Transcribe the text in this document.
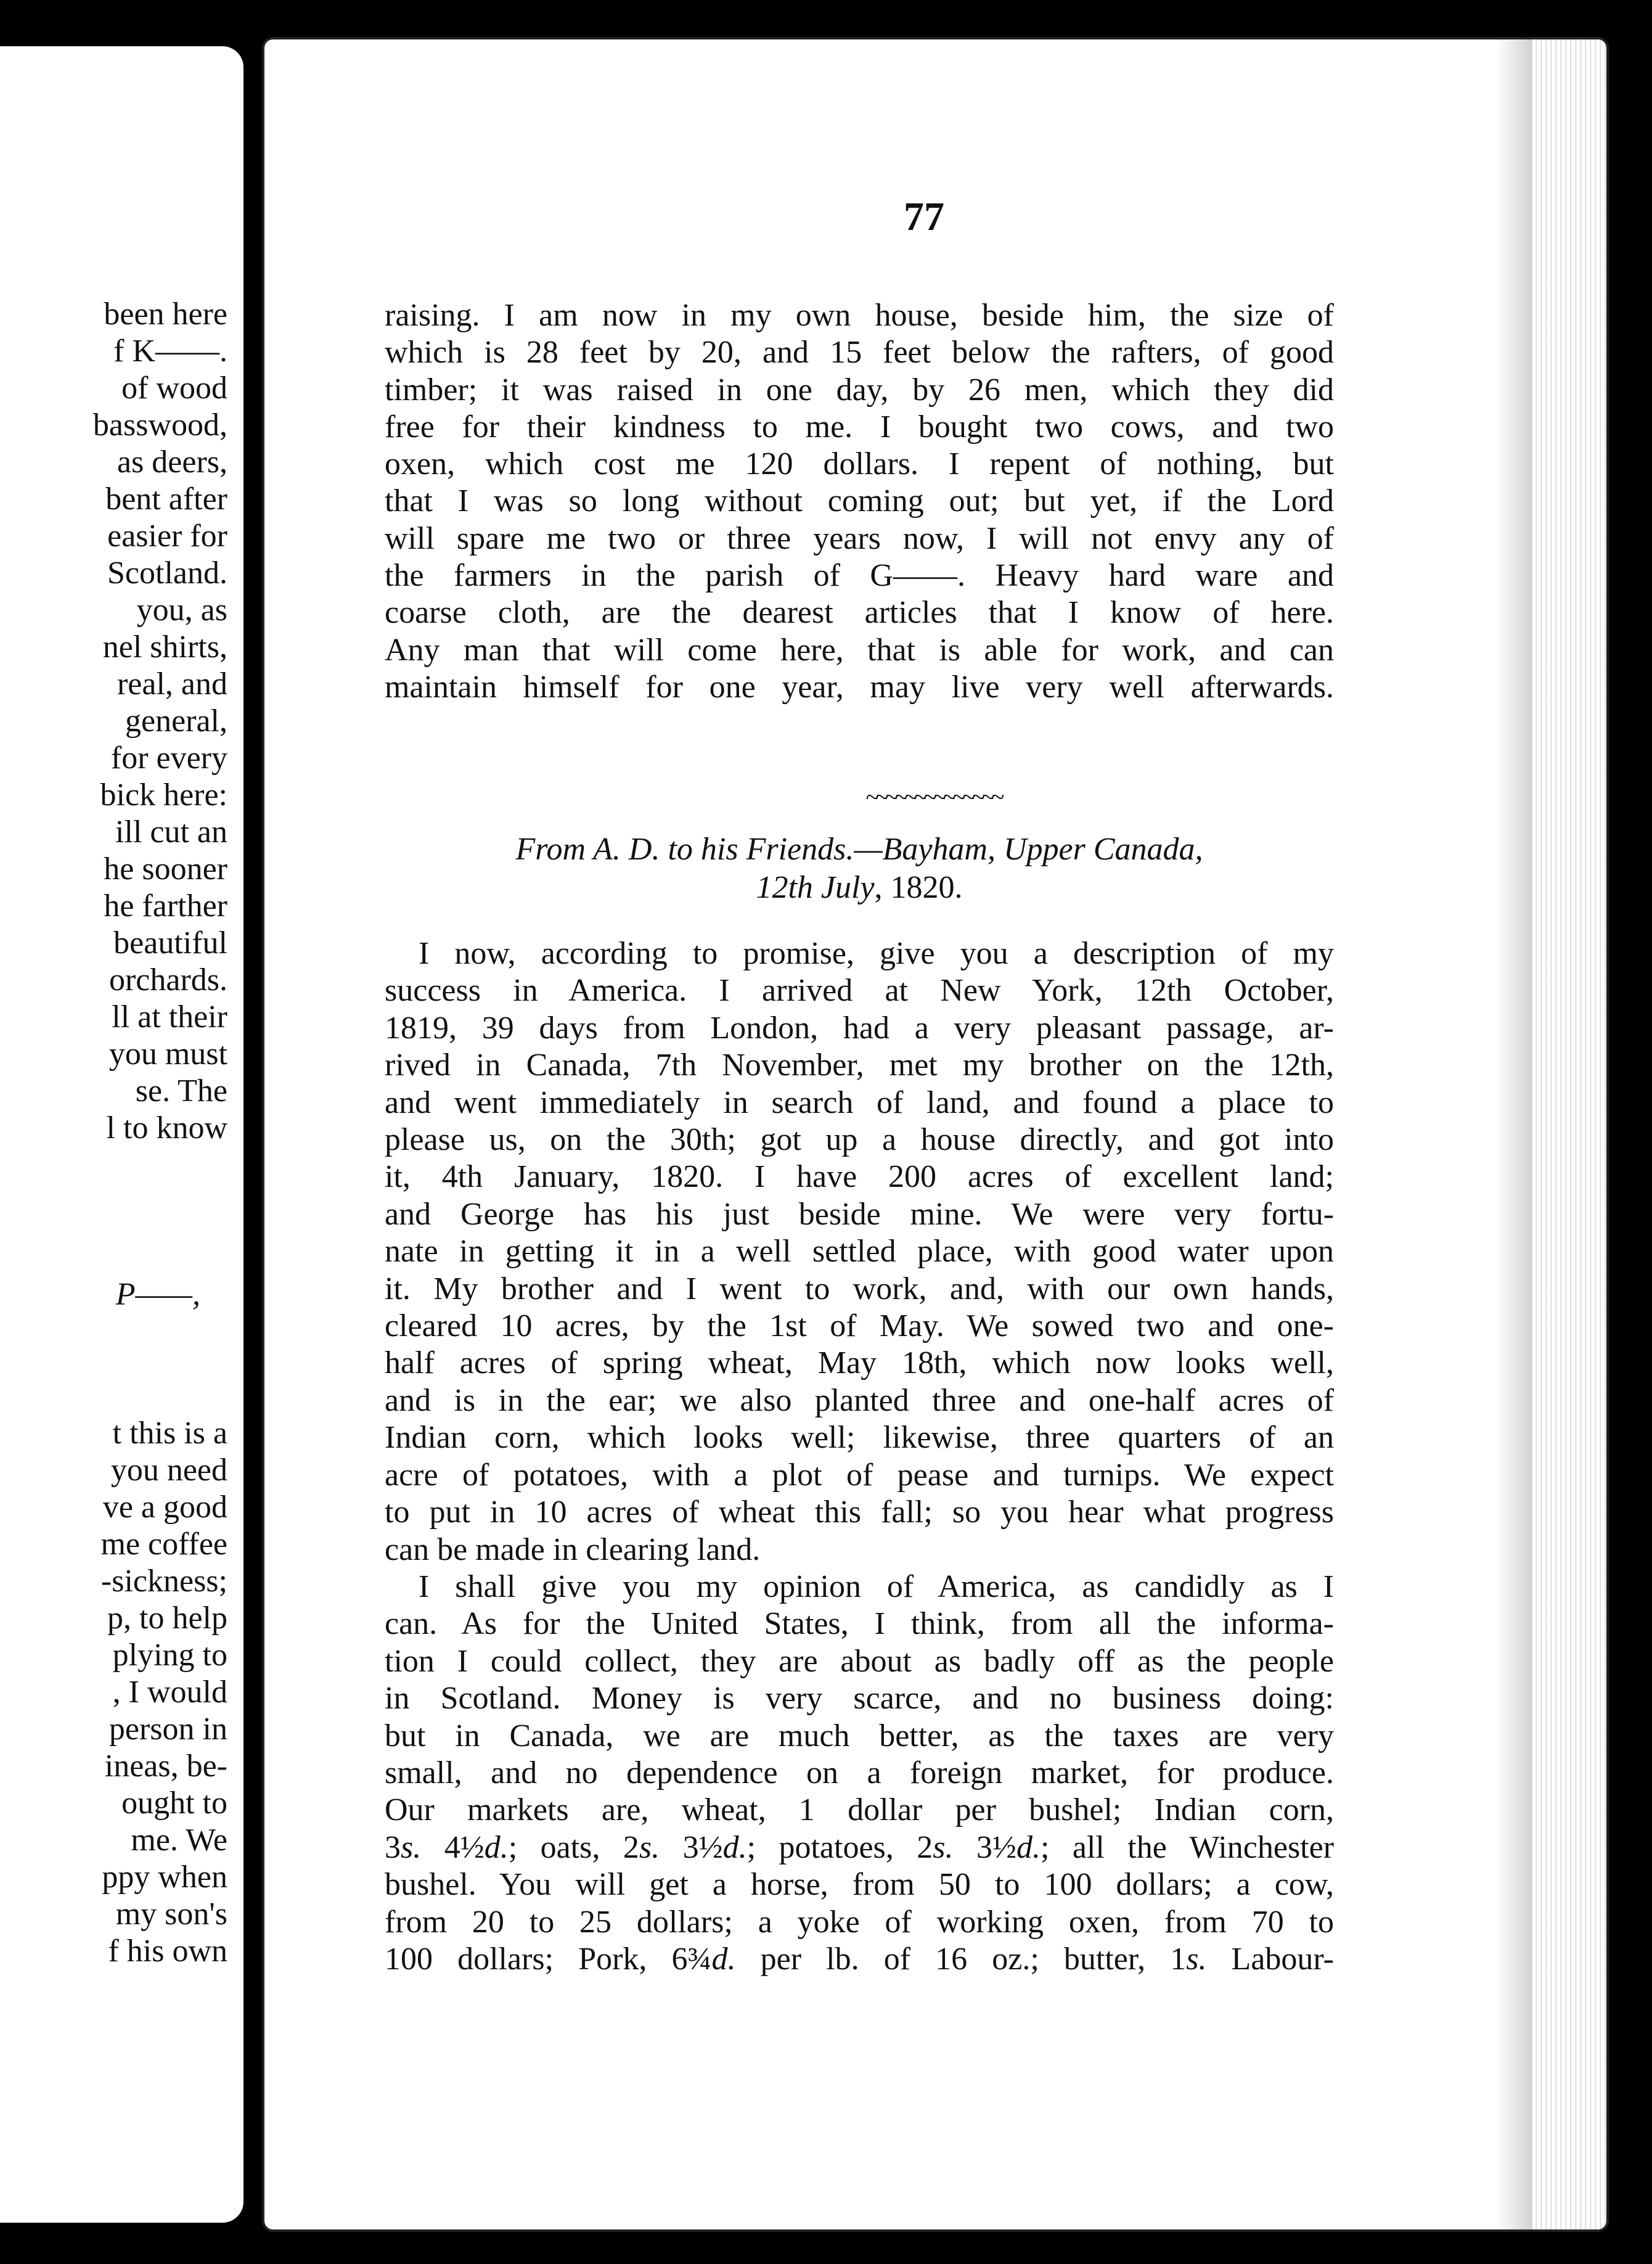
been here
f K——.
of wood
basswood,
as deers,
bent after
easier for
Scotland.
you, as
nel shirts,
real, and
general,
for every
bick here:
ill cut an
he sooner
he farther
beautiful
orchards.
ll at their
you must
se. The
l to know
P——,
t this is a
you need
ve a good
me coffee
-sickness;
p, to help
plying to
, I would
person in
ineas, be-
ought to
me. We
ppy when
my son's
f his own
77
raising. I am now in my own house, beside him, the size of
which is 28 feet by 20, and 15 feet below the rafters, of good
timber; it was raised in one day, by 26 men, which they did
free for their kindness to me. I bought two cows, and two
oxen, which cost me 120 dollars. I repent of nothing, but
that I was so long without coming out; but yet, if the Lord
will spare me two or three years now, I will not envy any of
the farmers in the parish of G——. Heavy hard ware and
coarse cloth, are the dearest articles that I know of here.
Any man that will come here, that is able for work, and can
maintain himself for one year, may live very well afterwards.
~~~~~~~~~~~~~~
From A. D. to his Friends.—Bayham, Upper Canada,
12th July, 1820.
I now, according to promise, give you a description of my
success in America. I arrived at New York, 12th October,
1819, 39 days from London, had a very pleasant passage, ar-
rived in Canada, 7th November, met my brother on the 12th,
and went immediately in search of land, and found a place to
please us, on the 30th; got up a house directly, and got into
it, 4th January, 1820. I have 200 acres of excellent land;
and George has his just beside mine. We were very fortu-
nate in getting it in a well settled place, with good water upon
it. My brother and I went to work, and, with our own hands,
cleared 10 acres, by the 1st of May. We sowed two and one-
half acres of spring wheat, May 18th, which now looks well,
and is in the ear; we also planted three and one-half acres of
Indian corn, which looks well; likewise, three quarters of an
acre of potatoes, with a plot of pease and turnips. We expect
to put in 10 acres of wheat this fall; so you hear what progress
can be made in clearing land.
I shall give you my opinion of America, as candidly as I
can. As for the United States, I think, from all the informa-
tion I could collect, they are about as badly off as the people
in Scotland. Money is very scarce, and no business doing:
but in Canada, we are much better, as the taxes are very
small, and no dependence on a foreign market, for produce.
Our markets are, wheat, 1 dollar per bushel; Indian corn,
3s. 4½d.; oats, 2s. 3½d.; potatoes, 2s. 3½d.; all the Winchester
bushel. You will get a horse, from 50 to 100 dollars; a cow,
from 20 to 25 dollars; a yoke of working oxen, from 70 to
100 dollars; Pork, 6¾d. per lb. of 16 oz.; butter, 1s. Labour-
